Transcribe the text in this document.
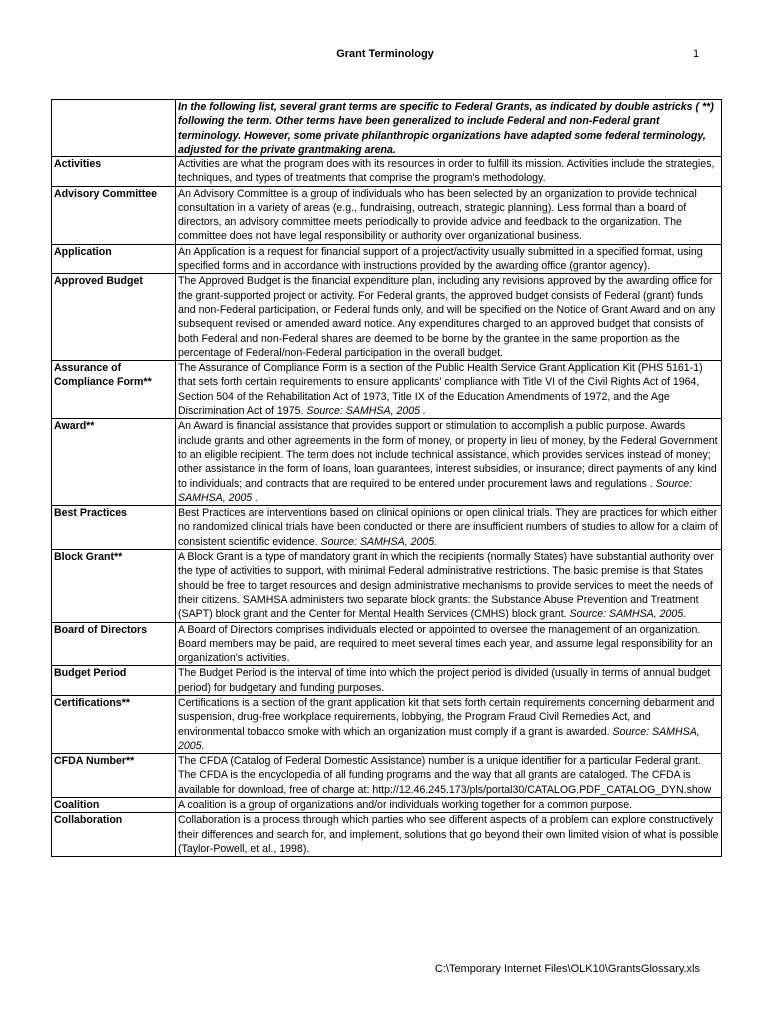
Grant Terminology	1

	In the following list, several grant terms are specific to Federal Grants, as indicated by double astricks ( **) following the term. Other terms have been generalized to include Federal and non-Federal grant terminology. However, some private philanthropic organizations have adapted some federal terminology, adjusted for the private grantmaking arena.

Activities	Activities are what the program does with its resources in order to fulfill its mission. Activities include the strategies, techniques, and types of treatments that comprise the program's methodology.
Advisory Committee	An Advisory Committee is a group of individuals who has been selected by an organization to provide technical consultation in a variety of areas (e.g., fundraising, outreach, strategic planning). Less formal than a board of directors, an advisory committee meets periodically to provide advice and feedback to the organization. The committee does not have legal responsibility or authority over organizational business.
Application	An Application is a request for financial support of a project/activity usually submitted in a specified format, using specified forms and in accordance with instructions provided by the awarding office (grantor agency).
Approved Budget	The Approved Budget is the financial expenditure plan, including any revisions approved by the awarding office for the grant-supported project or activity. For Federal grants, the approved budget consists of Federal (grant) funds and non-Federal participation, or Federal funds only, and will be specified on the Notice of Grant Award and on any subsequent revised or amended award notice. Any expenditures charged to an approved budget that consists of both Federal and non-Federal shares are deemed to be borne by the grantee in the same proportion as the percentage of Federal/non-Federal participation in the overall budget.
Assurance of Compliance Form**	The Assurance of Compliance Form is a section of the Public Health Service Grant Application Kit (PHS 5161-1) that sets forth certain requirements to ensure applicants' compliance with Title VI of the Civil Rights Act of 1964, Section 504 of the Rehabilitation Act of 1973, Title IX of the Education Amendments of 1972, and the Age Discrimination Act of 1975. Source: SAMHSA, 2005 .
Award**	An Award is financial assistance that provides support or stimulation to accomplish a public purpose. Awards include grants and other agreements in the form of money, or property in lieu of money, by the Federal Government to an eligible recipient. The term does not include technical assistance, which provides services instead of money; other assistance in the form of loans, loan guarantees, interest subsidies, or insurance; direct payments of any kind to individuals; and contracts that are required to be entered under procurement laws and regulations . Source: SAMHSA, 2005 .
Best Practices	Best Practices are interventions based on clinical opinions or open clinical trials. They are practices for which either no randomized clinical trials have been conducted or there are insufficient numbers of studies to allow for a claim of consistent scientific evidence. Source: SAMHSA, 2005.
Block Grant**	A Block Grant is a type of mandatory grant in which the recipients (normally States) have substantial authority over the type of activities to support, with minimal Federal administrative restrictions. The basic premise is that States should be free to target resources and design administrative mechanisms to provide services to meet the needs of their citizens. SAMHSA administers two separate block grants: the Substance Abuse Prevention and Treatment (SAPT) block grant and the Center for Mental Health Services (CMHS) block grant. Source: SAMHSA, 2005.
Board of Directors	A Board of Directors comprises individuals elected or appointed to oversee the management of an organization. Board members may be paid, are required to meet several times each year, and assume legal responsibility for an organization's activities.
Budget Period	The Budget Period is the interval of time into which the project period is divided (usually in terms of annual budget period) for budgetary and funding purposes.
Certifications**	Certifications is a section of the grant application kit that sets forth certain requirements concerning debarment and suspension, drug-free workplace requirements, lobbying, the Program Fraud Civil Remedies Act, and environmental tobacco smoke with which an organization must comply if a grant is awarded. Source: SAMHSA, 2005.
CFDA Number**	The CFDA (Catalog of Federal Domestic Assistance) number is a unique identifier for a particular Federal grant. The CFDA is the encyclopedia of all funding programs and the way that all grants are cataloged. The CFDA is available for download, free of charge at: http://12.46.245.173/pls/portal30/CATALOG.PDF_CATALOG_DYN.show
Coalition	A coalition is a group of organizations and/or individuals working together for a common purpose.
Collaboration	Collaboration is a process through which parties who see different aspects of a problem can explore constructively their differences and search for, and implement, solutions that go beyond their own limited vision of what is possible (Taylor-Powell, et al., 1998).
C:\Temporary Internet Files\OLK10\GrantsGlossary.xls
